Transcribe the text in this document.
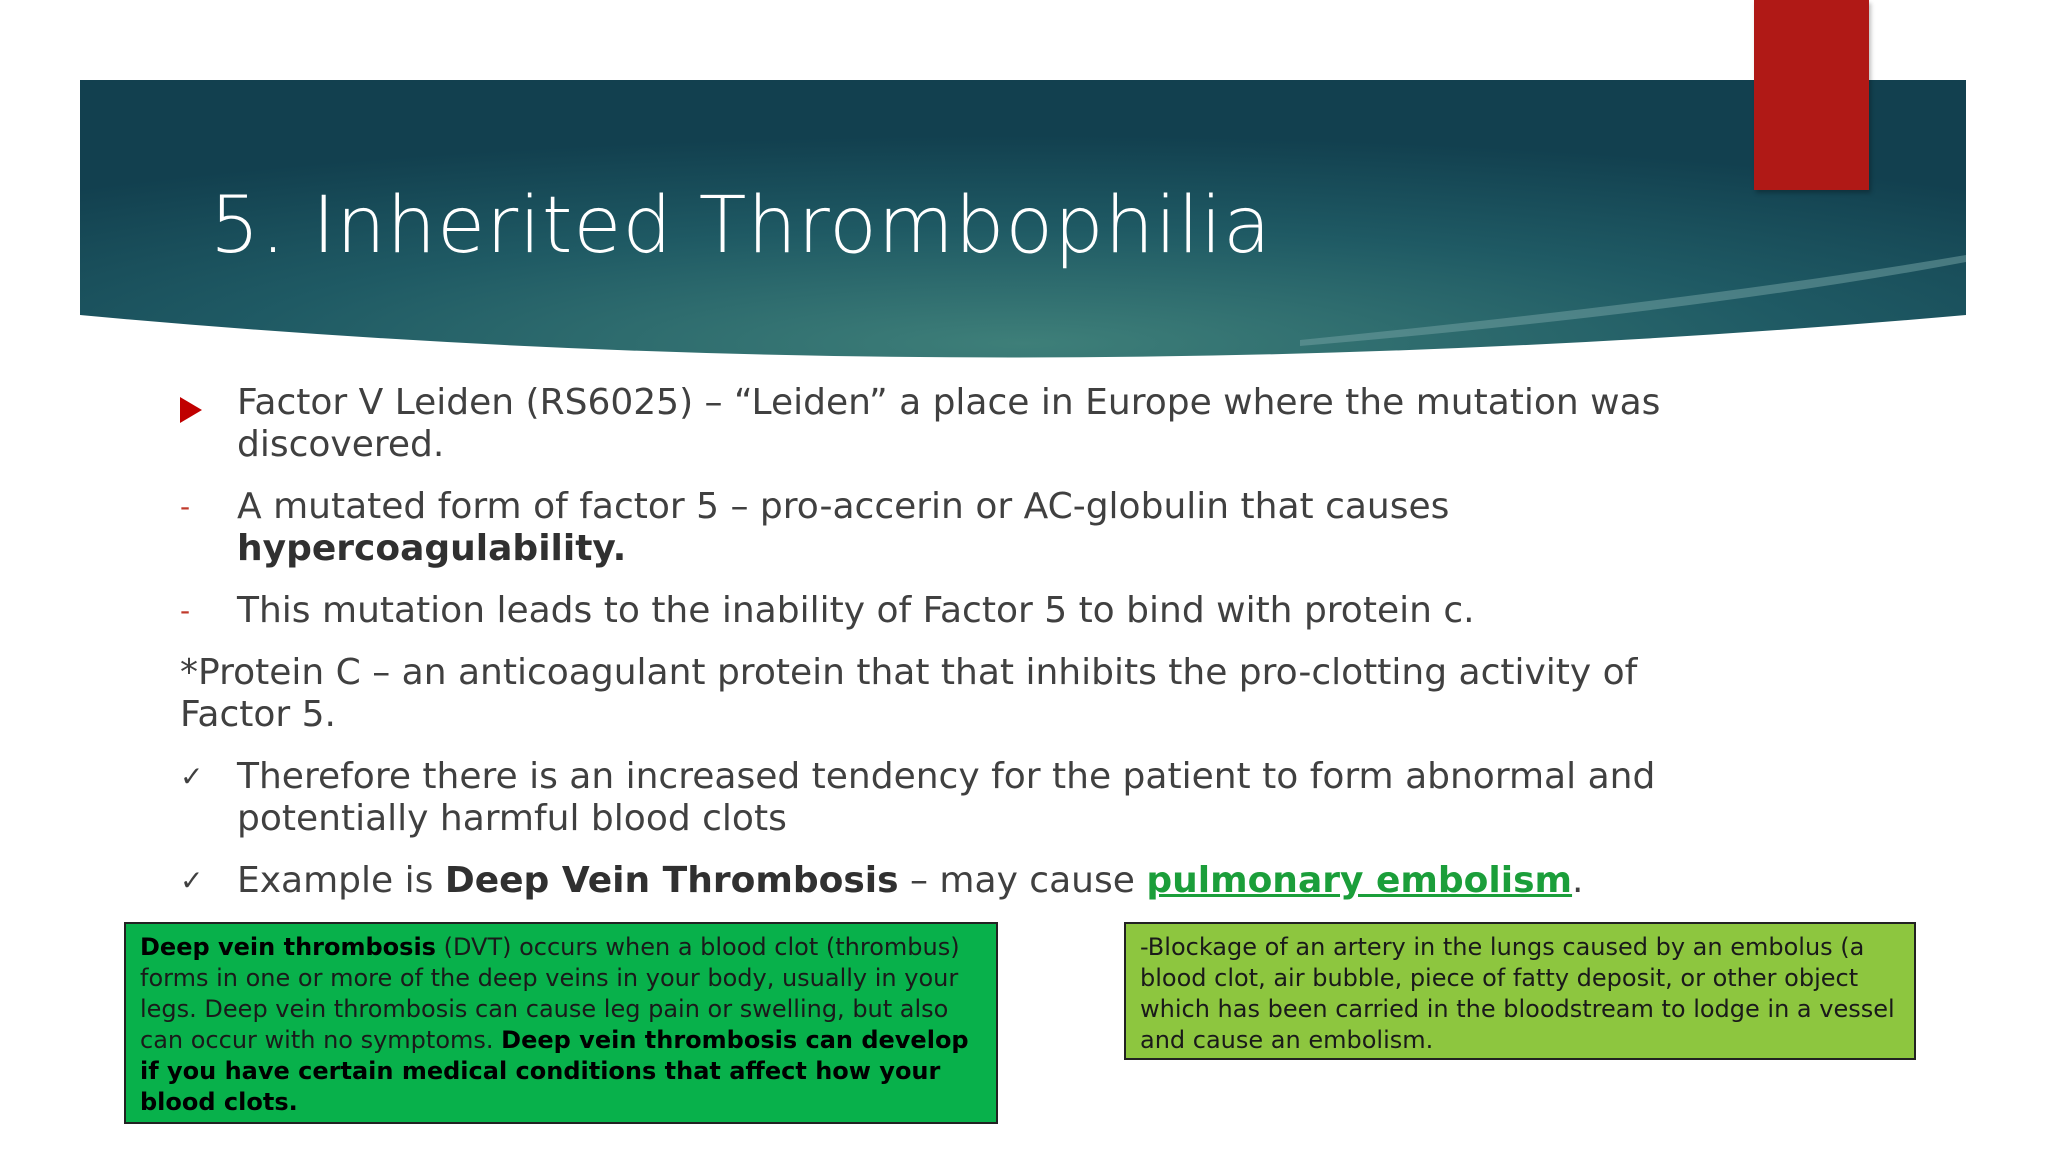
5. Inherited Thrombophilia
Factor V Leiden (RS6025) – “Leiden” a place in Europe where the mutation was discovered.
-	A mutated form of factor 5 – pro-accerin or AC-globulin that causes hypercoagulability.
-	This mutation leads to the inability of Factor 5 to bind with protein c.
*Protein C – an anticoagulant protein that that inhibits the pro-clotting activity of Factor 5.
✓ Therefore there is an increased tendency for the patient to form abnormal and potentially harmful blood clots
✓ Example is Deep Vein Thrombosis – may cause pulmonary embolism.
Deep vein thrombosis (DVT) occurs when a blood clot (thrombus) forms in one or more of the deep veins in your body, usually in your legs. Deep vein thrombosis can cause leg pain or swelling, but also can occur with no symptoms. Deep vein thrombosis can develop if you have certain medical conditions that affect how your blood clots.
-Blockage of an artery in the lungs caused by an embolus (a blood clot, air bubble, piece of fatty deposit, or other object which has been carried in the bloodstream to lodge in a vessel and cause an embolism.
